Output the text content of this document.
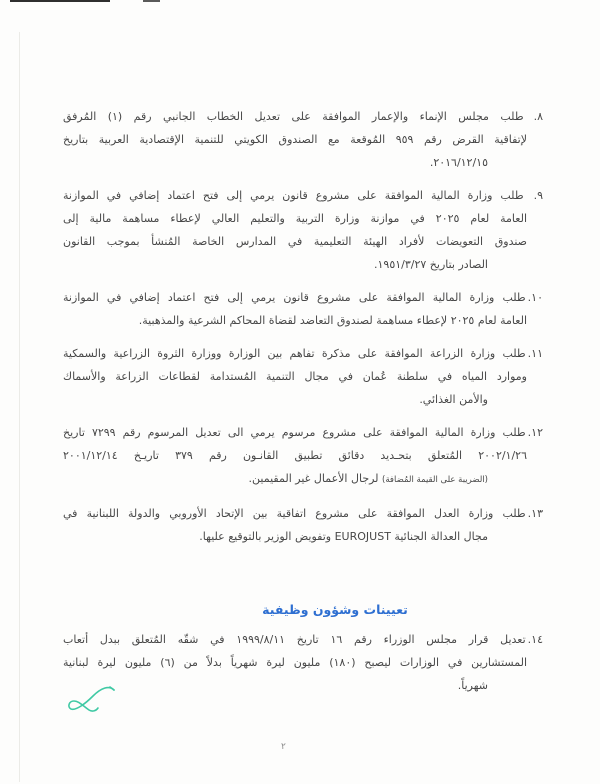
٨.طلب مجلس الإنماء والإعمار الموافقة على تعديل الخطاب الجانبي رقم (١) المُرفق
لإتفاقية القرض رقم ٩٥٩ المُوقعة مع الصندوق الكويتي للتنمية الإقتصادية العربية بتاريخ
٢٠١٦/١٢/١٥.
٩.طلب وزارة المالية الموافقة على مشروع قانون يرمي إلى فتح اعتماد إضافي في الموازنة
العامة لعام ٢٠٢٥ في موازنة وزارة التربية والتعليم العالي لإعطاء مساهمة مالية إلى
صندوق التعويضات لأفراد الهيئة التعليمية في المدارس الخاصة المُنشأ بموجب القانون
الصادر بتاريخ ١٩٥١/٣/٢٧.
١٠.طلب وزارة المالية الموافقة على مشروع قانون يرمي إلى فتح اعتماد إضافي في الموازنة
العامة لعام ٢٠٢٥ لإعطاء مساهمة لصندوق التعاضد لقضاة المحاكم الشرعية والمذهبية.
١١.طلب وزارة الزراعة الموافقة على مذكرة تفاهم بين الوزارة ووزارة الثروة الزراعية والسمكية
وموارد المياه في سلطنة عُمان في مجال التنمية المُستدامة لقطاعات الزراعة والأسماك
والأمن الغذائي.
١٢.طلب وزارة المالية الموافقة على مشروع مرسوم يرمي الى تعديل المرسوم رقم ٧٢٩٩ تاريخ
٢٠٠٢/١/٢٦ المُتعلق بتحـديد دقائق تطبيق القانـون رقم ٣٧٩ تاريـخ ٢٠٠١/١٢/١٤
(الضريبة على القيمة المُضافة) لرجال الأعمال غير المقيمين.
١٣.طلب وزارة العدل الموافقة على مشروع اتفاقية بين الإتحاد الأوروبي والدولة اللبنانية في
مجال العدالة الجنائية EUROJUST وتفويض الوزير بالتوقيع عليها.
تعيينات وشؤون وظيفية
١٤.تعديل قرار مجلس الوزراء رقم ١٦ تاريخ ١٩٩٩/٨/١١ في شقّه المُتعلق ببدل أتعاب
المستشارين في الوزارات ليصبح (١٨٠) مليون ليرة شهرياً بدلاً من (٦) مليون ليرة لبنانية
شهرياً.
٢
